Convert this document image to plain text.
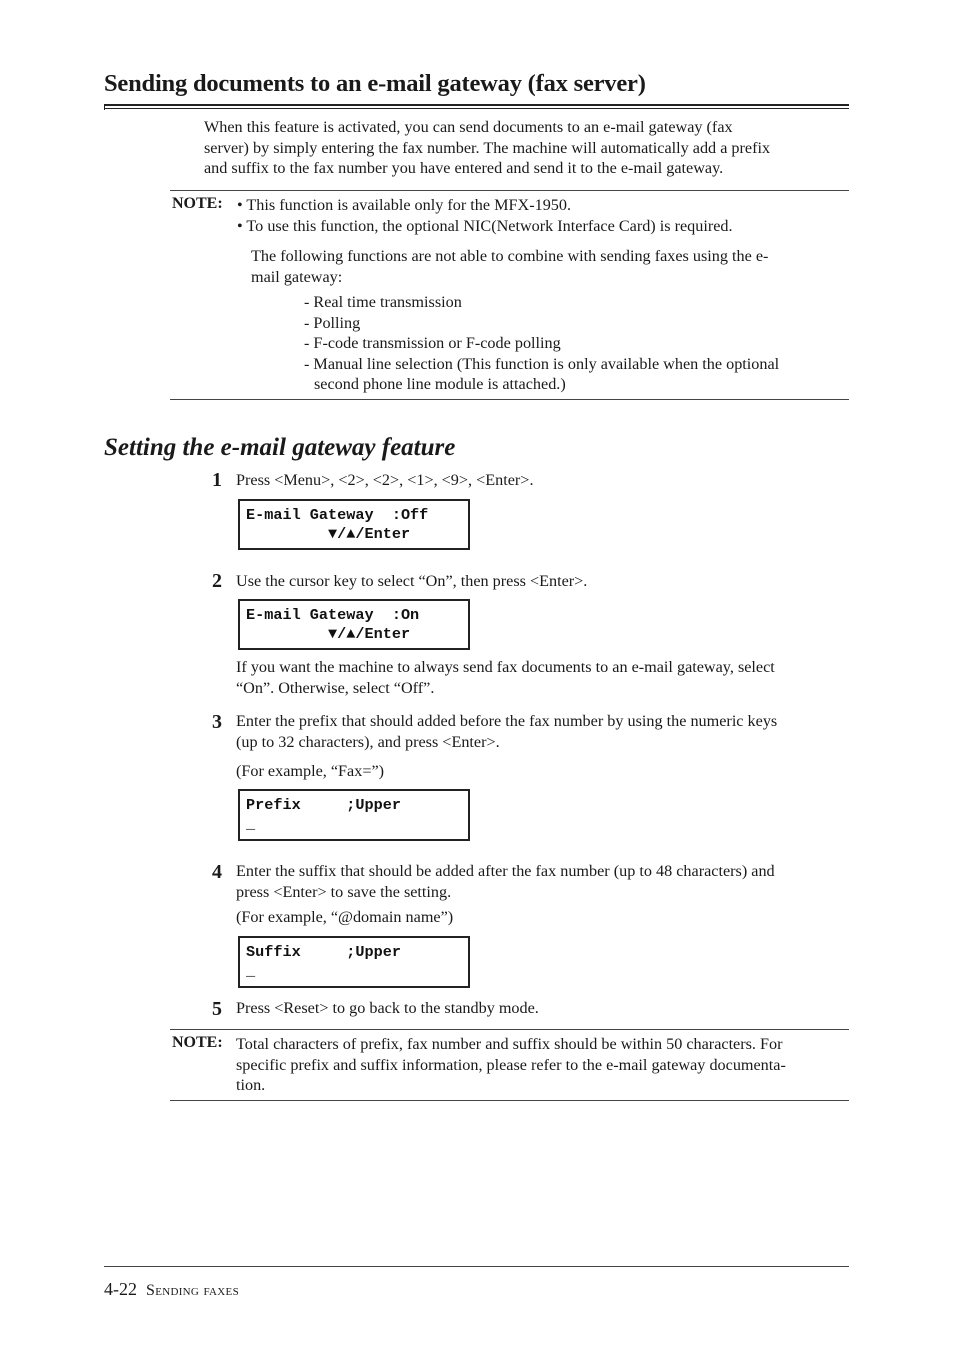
Sending documents to an e-mail gateway (fax server)
When this feature is activated, you can send documents to an e-mail gateway (fax
server) by simply entering the fax number. The machine will automatically add a prefix
and suffix to the fax number you have entered and send it to the e-mail gateway.
NOTE: • This function is available only for the MFX-1950.
• To use this function, the optional NIC(Network Interface Card) is required.
The following functions are not able to combine with sending faxes using the e-
mail gateway:
- Real time transmission
- Polling
- F-code transmission or F-code polling
- Manual line selection (This function is only available when the optional
second phone line module is attached.)
Setting the e-mail gateway feature
1 Press <Menu>, <2>, <2>, <1>, <9>, <Enter>.
E-mail Gateway  :Off
▼/▲/Enter
2 Use the cursor key to select “On”, then press <Enter>.
E-mail Gateway  :On
▼/▲/Enter
If you want the machine to always send fax documents to an e-mail gateway, select
“On”. Otherwise, select “Off”.
3 Enter the prefix that should added before the fax number by using the numeric keys
(up to 32 characters), and press <Enter>.
(For example, “Fax=”)
Prefix     ;Upper
_
4 Enter the suffix that should be added after the fax number (up to 48 characters) and
press <Enter> to save the setting.
(For example, “@domain name”)
Suffix     ;Upper
_
5 Press <Reset> to go back to the standby mode.
NOTE: Total characters of prefix, fax number and suffix should be within 50 characters. For
specific prefix and suffix information, please refer to the e-mail gateway documenta-
tion.
4-22 Sending faxes
